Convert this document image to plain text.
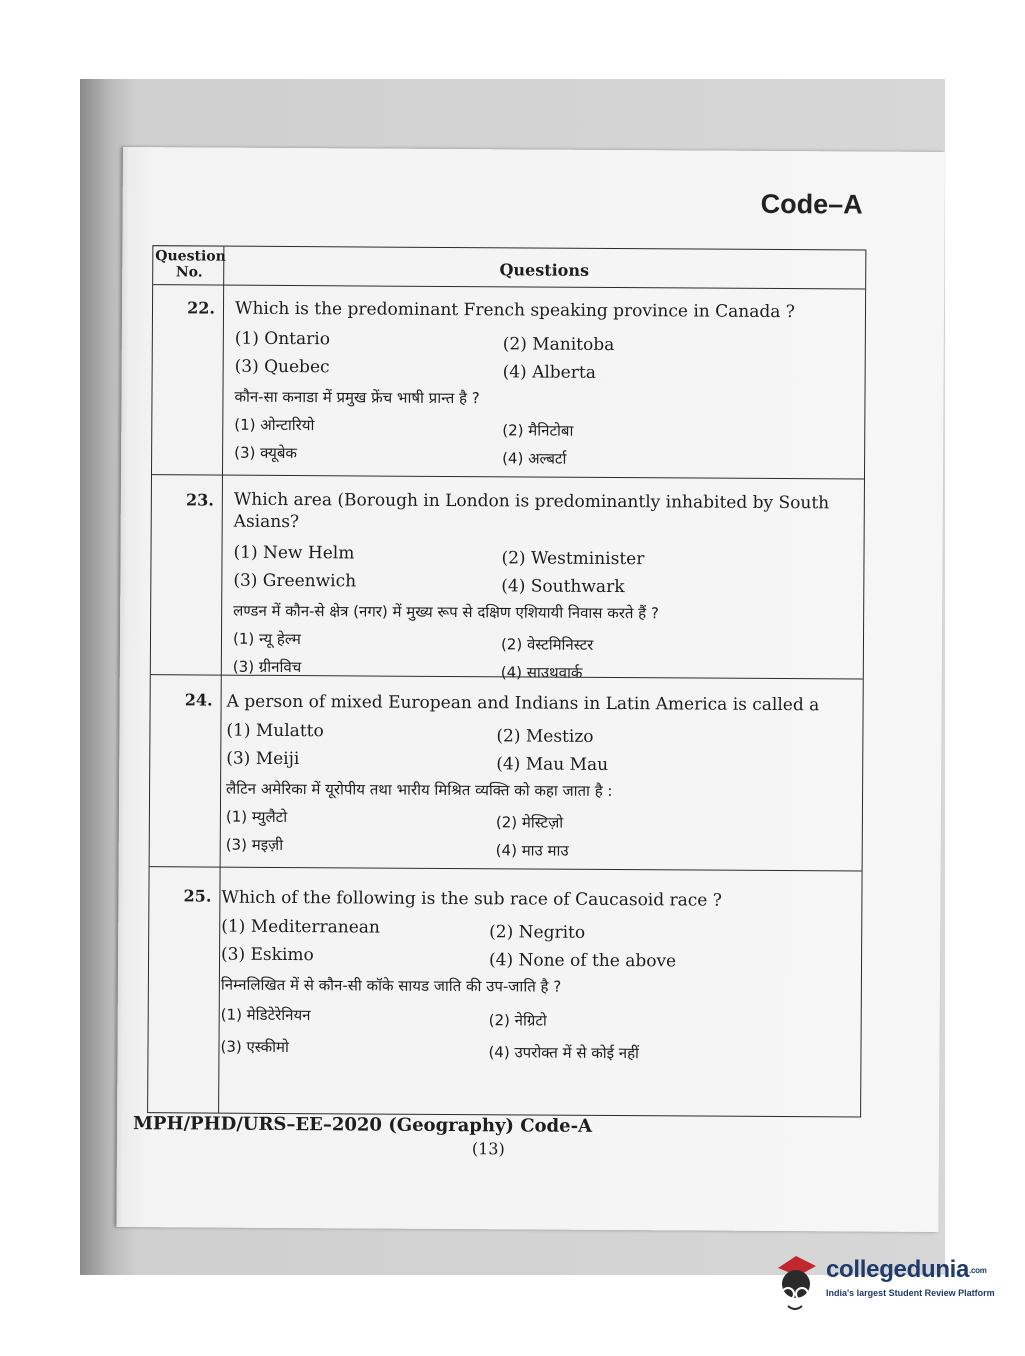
Code–A
Question
No.	Questions
22. Which is the predominant French speaking province in Canada ?
(1) Ontario	(2) Manitoba
(3) Quebec	(4) Alberta
कौन-सा कनाडा में प्रमुख फ्रेंच भाषी प्रान्त है ?
(1) ओन्टारियो	(2) मैनिटोबा
(3) क्यूबेक	(4) अल्बर्टा
23. Which area (Borough in London is predominantly inhabited by South Asians?
(1) New Helm	(2) Westminister
(3) Greenwich	(4) Southwark
लण्डन में कौन-से क्षेत्र (नगर) में मुख्य रूप से दक्षिण एशियायी निवास करते हैं ?
(1) न्यू हेल्म	(2) वेस्टमिनिस्टर
(3) ग्रीनविच	(4) साउथवार्क
24. A person of mixed European and Indians in Latin America is called a
(1) Mulatto	(2) Mestizo
(3) Meiji	(4) Mau Mau
लैटिन अमेरिका में यूरोपीय तथा भारीय मिश्रित व्यक्ति को कहा जाता है :
(1) म्युलैटो	(2) मेस्टिज़ो
(3) मइज़ी	(4) माउ माउ
25. Which of the following is the sub race of Caucasoid race ?
(1) Mediterranean	(2) Negrito
(3) Eskimo	(4) None of the above
निम्नलिखित में से कौन-सी कॉके सायड जाति की उप-जाति है ?
(1) मेडिटेरेनियन	(2) नेग्रिटो
(3) एस्कीमो	(4) उपरोक्त में से कोई नहीं
MPH/PHD/URS–EE–2020 (Geography) Code-A
(13)
collegedunia.com
India's largest Student Review Platform
